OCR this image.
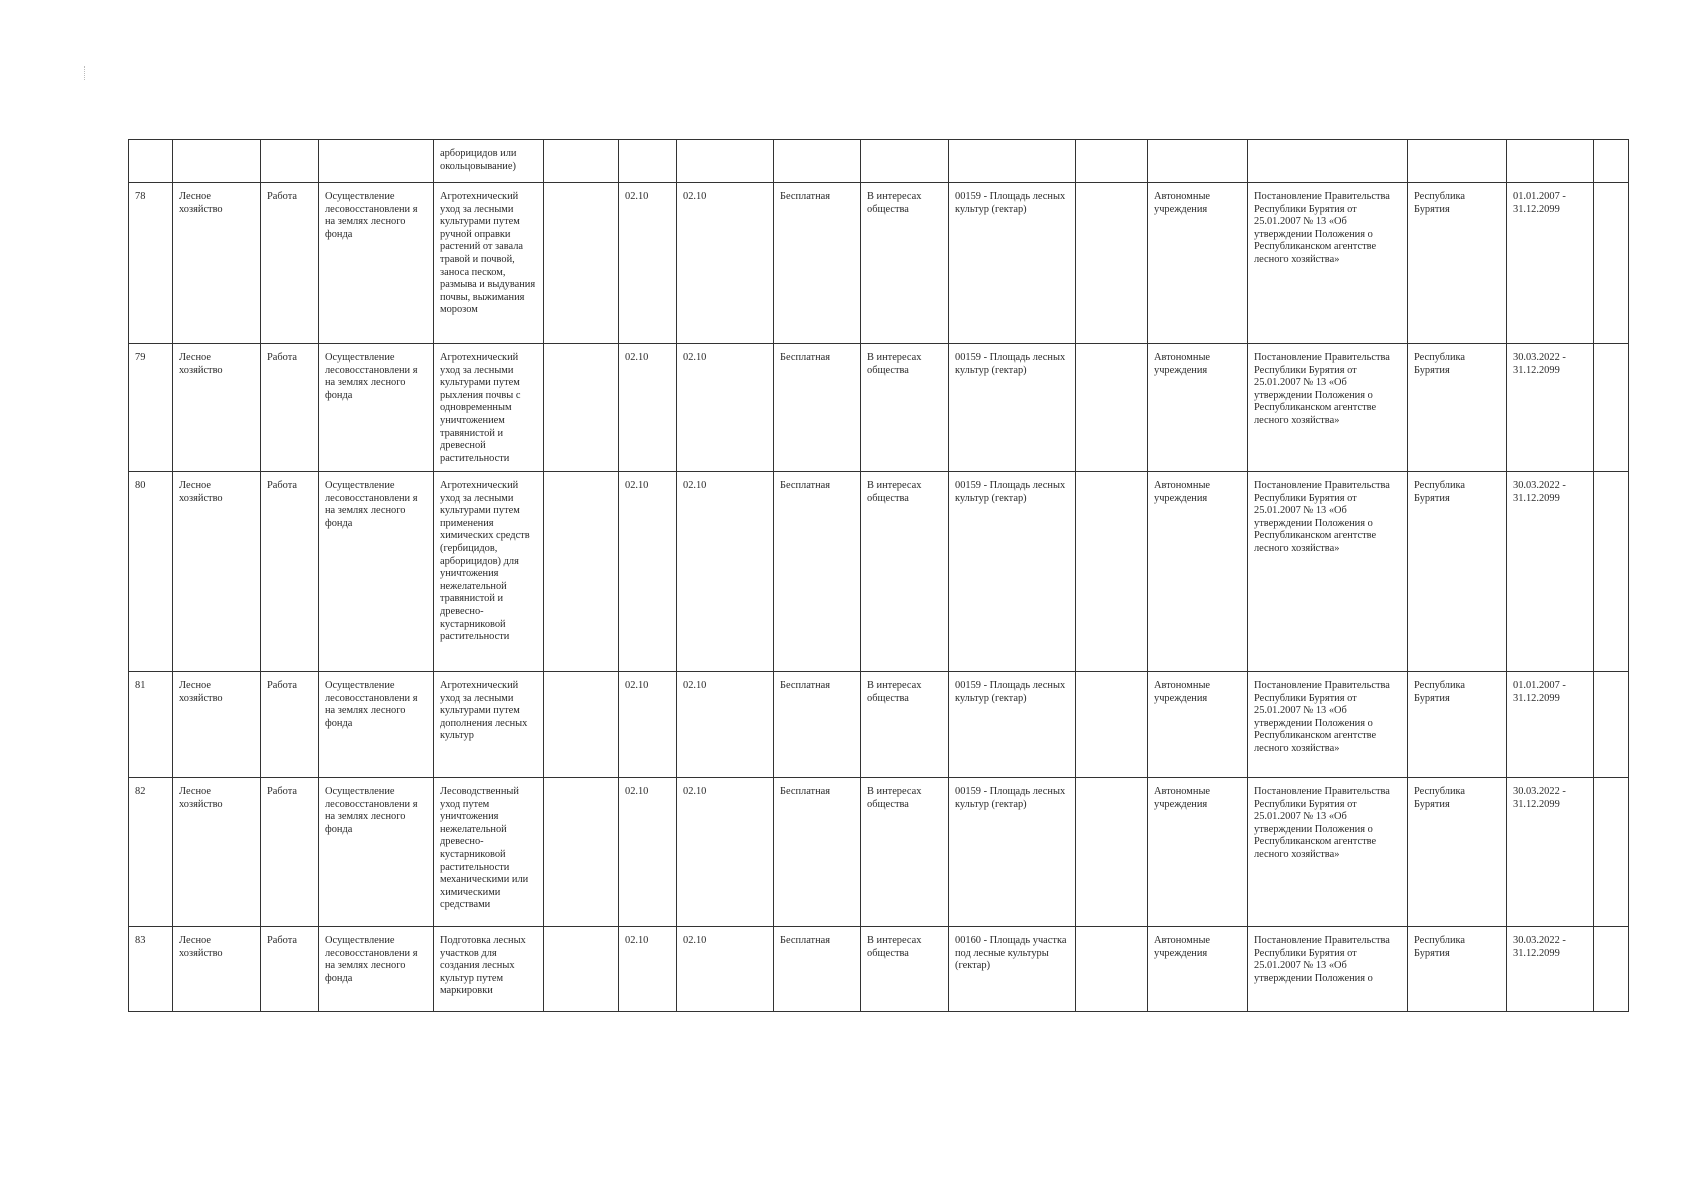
				арборицидов или окольцовывание)												
78	Лесное хозяйство	Работа	Осуществление лесовосстановлени я на землях лесного фонда	Агротехнический уход за лесными культурами путем ручной оправки растений от завала травой и почвой, заноса песком, размыва и выдувания почвы, выжимания морозом		02.10	02.10	Бесплатная	В интересах общества	00159 - Площадь лесных культур (гектар)		Автономные учреждения	Постановление Правительства Республики Бурятия от 25.01.2007 № 13 «Об утверждении Положения о Республиканском агентстве лесного хозяйства»	Республика Бурятия	01.01.2007 - 31.12.2099	
79	Лесное хозяйство	Работа	Осуществление лесовосстановлени я на землях лесного фонда	Агротехнический уход за лесными культурами путем рыхления почвы с одновременным уничтожением травянистой и древесной растительности		02.10	02.10	Бесплатная	В интересах общества	00159 - Площадь лесных культур (гектар)		Автономные учреждения	Постановление Правительства Республики Бурятия от 25.01.2007 № 13 «Об утверждении Положения о Республиканском агентстве лесного хозяйства»	Республика Бурятия	30.03.2022 - 31.12.2099	
80	Лесное хозяйство	Работа	Осуществление лесовосстановлени я на землях лесного фонда	Агротехнический уход за лесными культурами путем применения химических средств (гербицидов, арборицидов) для уничтожения нежелательной травянистой и древесно-кустарниковой растительности		02.10	02.10	Бесплатная	В интересах общества	00159 - Площадь лесных культур (гектар)		Автономные учреждения	Постановление Правительства Республики Бурятия от 25.01.2007 № 13 «Об утверждении Положения о Республиканском агентстве лесного хозяйства»	Республика Бурятия	30.03.2022 - 31.12.2099	
81	Лесное хозяйство	Работа	Осуществление лесовосстановлени я на землях лесного фонда	Агротехнический уход за лесными культурами путем дополнения лесных культур		02.10	02.10	Бесплатная	В интересах общества	00159 - Площадь лесных культур (гектар)		Автономные учреждения	Постановление Правительства Республики Бурятия от 25.01.2007 № 13 «Об утверждении Положения о Республиканском агентстве лесного хозяйства»	Республика Бурятия	01.01.2007 - 31.12.2099	
82	Лесное хозяйство	Работа	Осуществление лесовосстановлени я на землях лесного фонда	Лесоводственный уход путем уничтожения нежелательной древесно-кустарниковой растительности механическими или химическими средствами		02.10	02.10	Бесплатная	В интересах общества	00159 - Площадь лесных культур (гектар)		Автономные учреждения	Постановление Правительства Республики Бурятия от 25.01.2007 № 13 «Об утверждении Положения о Республиканском агентстве лесного хозяйства»	Республика Бурятия	30.03.2022 - 31.12.2099	
83	Лесное хозяйство	Работа	Осуществление лесовосстановлени я на землях лесного фонда	Подготовка лесных участков для создания лесных культур путем маркировки		02.10	02.10	Бесплатная	В интересах общества	00160 - Площадь участка под лесные культуры (гектар)		Автономные учреждения	Постановление Правительства Республики Бурятия от 25.01.2007 № 13 «Об утверждении Положения о	Республика Бурятия	30.03.2022 - 31.12.2099	
